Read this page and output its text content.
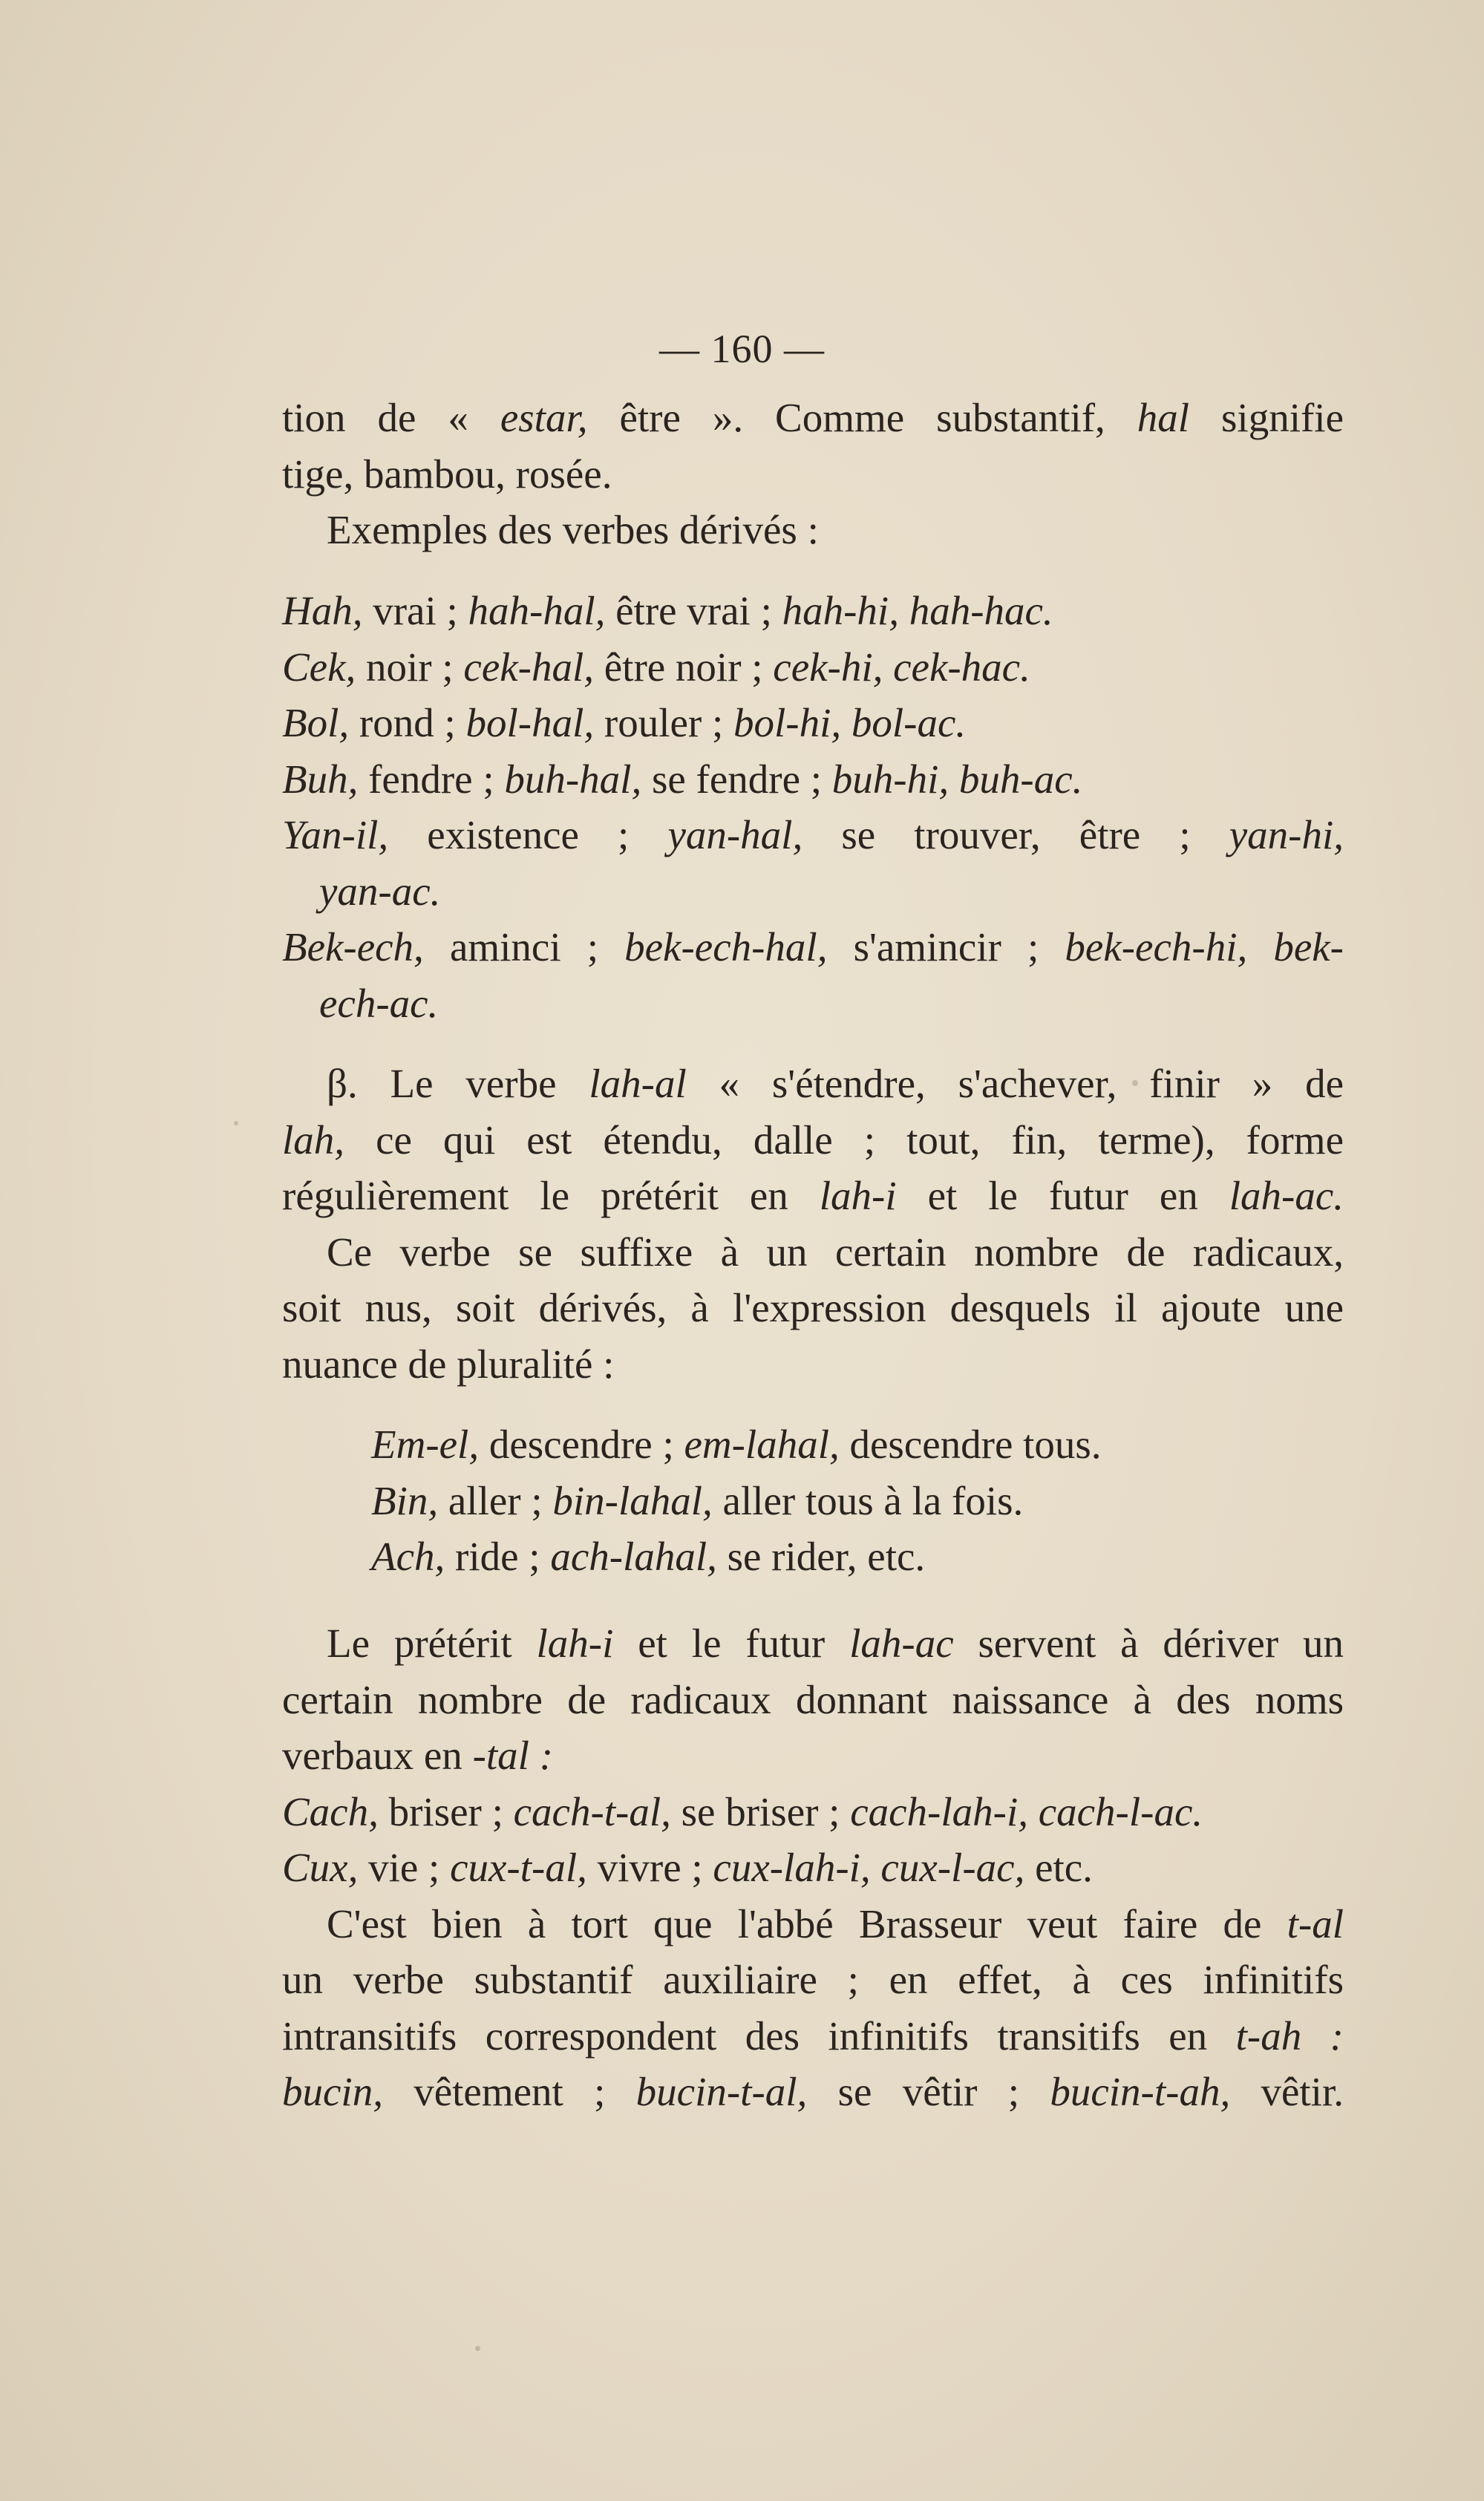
— 160 —
tion de « estar, être ». Comme substantif, hal signifie
tige, bambou, rosée.
Exemples des verbes dérivés :
Hah, vrai ; hah-hal, être vrai ; hah-hi, hah-hac.
Cek, noir ; cek-hal, être noir ; cek-hi, cek-hac.
Bol, rond ; bol-hal, rouler ; bol-hi, bol-ac.
Buh, fendre ; buh-hal, se fendre ; buh-hi, buh-ac.
Yan-il, existence ; yan-hal, se trouver, être ; yan-hi,
yan-ac.
Bek-ech, aminci ; bek-ech-hal, s'amincir ; bek-ech-hi, bek-
ech-ac.
β. Le verbe lah-al « s'étendre, s'achever, finir » de
lah, ce qui est étendu, dalle ; tout, fin, terme), forme
régulièrement le prétérit en lah-i et le futur en lah-ac.
Ce verbe se suffixe à un certain nombre de radicaux,
soit nus, soit dérivés, à l'expression desquels il ajoute une
nuance de pluralité :
Em-el, descendre ; em-lahal, descendre tous.
Bin, aller ; bin-lahal, aller tous à la fois.
Ach, ride ; ach-lahal, se rider, etc.
Le prétérit lah-i et le futur lah-ac servent à dériver un
certain nombre de radicaux donnant naissance à des noms
verbaux en -tal :
Cach, briser ; cach-t-al, se briser ; cach-lah-i, cach-l-ac.
Cux, vie ; cux-t-al, vivre ; cux-lah-i, cux-l-ac, etc.
C'est bien à tort que l'abbé Brasseur veut faire de t-al
un verbe substantif auxiliaire ; en effet, à ces infinitifs
intransitifs correspondent des infinitifs transitifs en t-ah :
bucin, vêtement ; bucin-t-al, se vêtir ; bucin-t-ah, vêtir.
